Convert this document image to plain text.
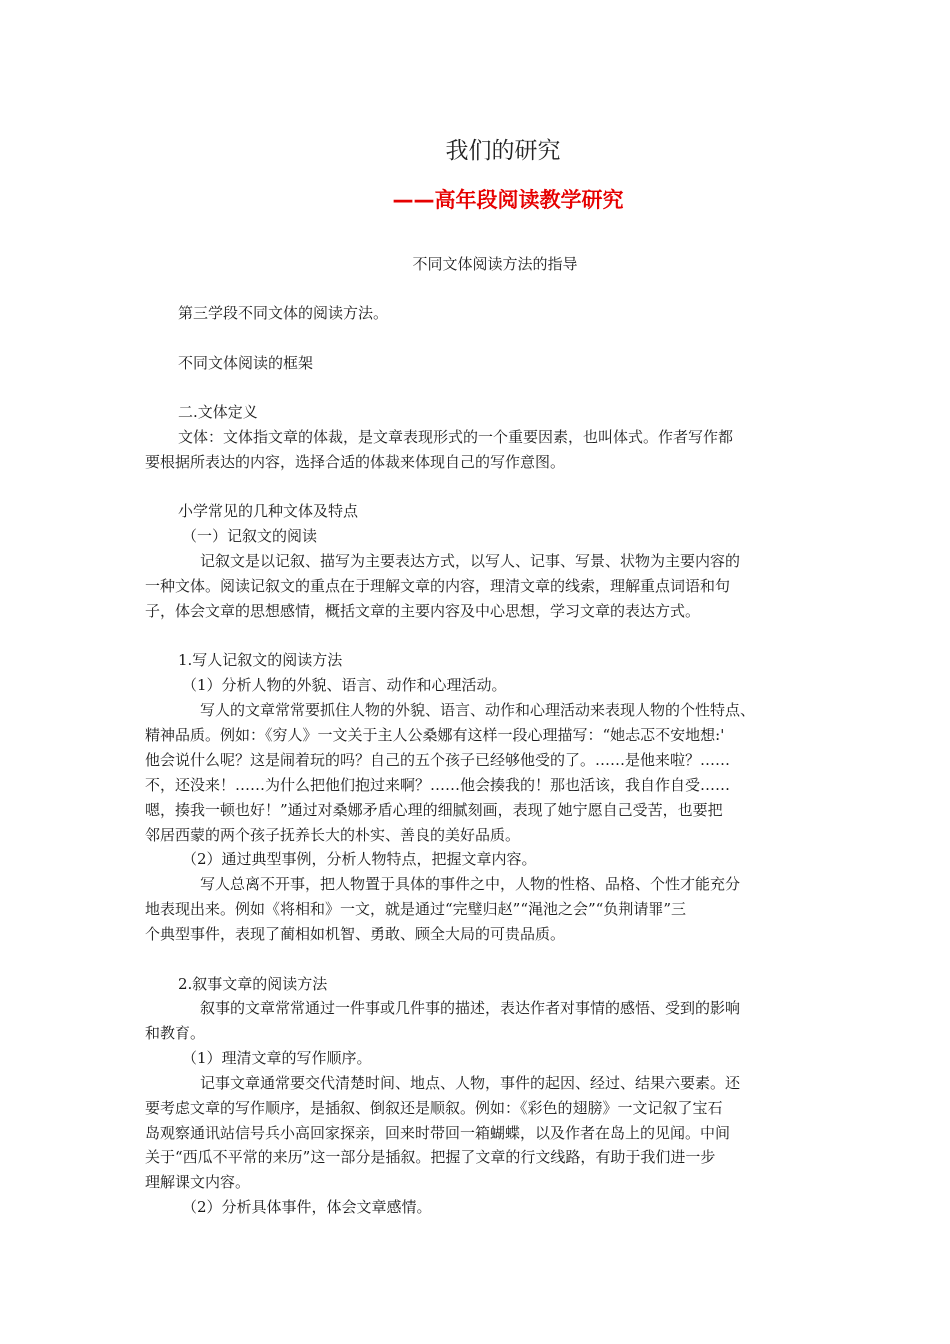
我们的研究
——高年段阅读教学研究
不同文体阅读方法的指导
第三学段不同文体的阅读方法。
不同文体阅读的框架
二.文体定义
文体：文体指文章的体裁，是文章表现形式的一个重要因素，也叫体式。作者写作都
要根据所表达的内容，选择合适的体裁来体现自己的写作意图。
小学常见的几种文体及特点
（一）记叙文的阅读
记叙文是以记叙、描写为主要表达方式，以写人、记事、写景、状物为主要内容的
一种文体。阅读记叙文的重点在于理解文章的内容，理清文章的线索，理解重点词语和句
子，体会文章的思想感情，概括文章的主要内容及中心思想，学习文章的表达方式。
1.写人记叙文的阅读方法
（1）分析人物的外貌、语言、动作和心理活动。
写人的文章常常要抓住人物的外貌、语言、动作和心理活动来表现人物的个性特点、
精神品质。例如：《穷人》一文关于主人公桑娜有这样一段心理描写：“她忐忑不安地想:'
他会说什么呢？这是闹着玩的吗？自己的五个孩子已经够他受的了。……是他来啦？……
不，还没来！……为什么把他们抱过来啊？……他会揍我的！那也活该，我自作自受……
嗯，揍我一顿也好！”通过对桑娜矛盾心理的细腻刻画，表现了她宁愿自己受苦，也要把
邻居西蒙的两个孩子抚养长大的朴实、善良的美好品质。
（2）通过典型事例，分析人物特点，把握文章内容。
写人总离不开事，把人物置于具体的事件之中，人物的性格、品格、个性才能充分
地表现出来。例如《将相和》一文，就是通过“完璧归赵”“渑池之会”“负荆请罪”三
个典型事件，表现了蔺相如机智、勇敢、顾全大局的可贵品质。
2.叙事文章的阅读方法
叙事的文章常常通过一件事或几件事的描述，表达作者对事情的感悟、受到的影响
和教育。
（1）理清文章的写作顺序。
记事文章通常要交代清楚时间、地点、人物，事件的起因、经过、结果六要素。还
要考虑文章的写作顺序，是插叙、倒叙还是顺叙。例如：《彩色的翅膀》一文记叙了宝石
岛观察通讯站信号兵小高回家探亲，回来时带回一箱蝴蝶，以及作者在岛上的见闻。中间
关于“西瓜不平常的来历”这一部分是插叙。把握了文章的行文线路，有助于我们进一步
理解课文内容。
（2）分析具体事件，体会文章感情。
